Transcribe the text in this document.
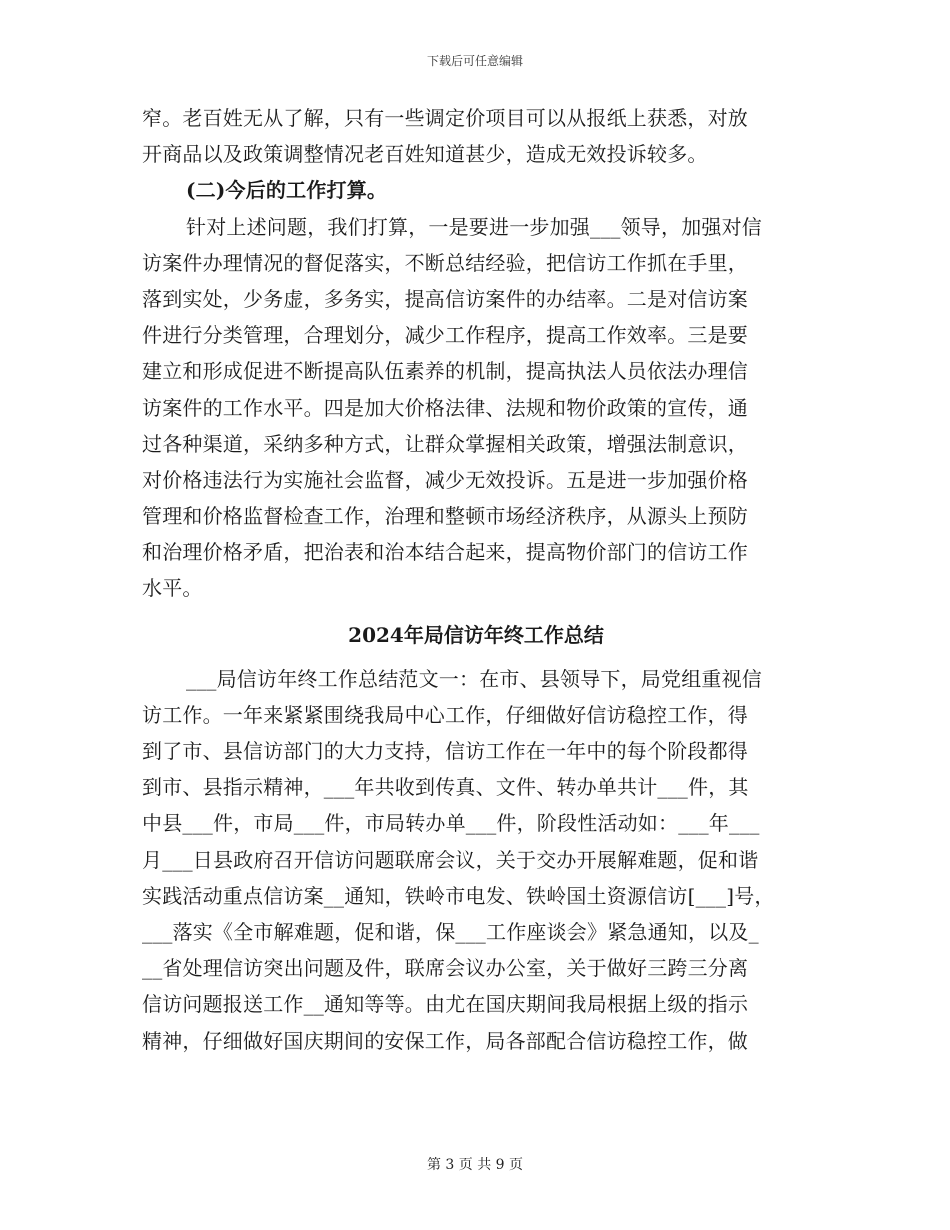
下载后可任意编辑
窄。老百姓无从了解，只有一些调定价项目可以从报纸上获悉，对放
开商品以及政策调整情况老百姓知道甚少，造成无效投诉较多。
(二)今后的工作打算。
针对上述问题，我们打算，一是要进一步加强___领导，加强对信
访案件办理情况的督促落实，不断总结经验，把信访工作抓在手里，
落到实处，少务虚，多务实，提高信访案件的办结率。二是对信访案
件进行分类管理，合理划分，减少工作程序，提高工作效率。三是要
建立和形成促进不断提高队伍素养的机制，提高执法人员依法办理信
访案件的工作水平。四是加大价格法律、法规和物价政策的宣传，通
过各种渠道，采纳多种方式，让群众掌握相关政策，增强法制意识，
对价格违法行为实施社会监督，减少无效投诉。五是进一步加强价格
管理和价格监督检查工作，治理和整顿市场经济秩序，从源头上预防
和治理价格矛盾，把治表和治本结合起来，提高物价部门的信访工作
水平。
2024年局信访年终工作总结
___局信访年终工作总结范文一：在市、县领导下，局党组重视信
访工作。一年来紧紧围绕我局中心工作，仔细做好信访稳控工作，得
到了市、县信访部门的大力支持，信访工作在一年中的每个阶段都得
到市、县指示精神，___年共收到传真、文件、转办单共计___件，其
中县___件，市局___件，市局转办单___件，阶段性活动如：___年___
月___日县政府召开信访问题联席会议，关于交办开展解难题，促和谐
实践活动重点信访案__通知，铁岭市电发、铁岭国土资源信访[___]号，
___落实《全市解难题，促和谐，保___工作座谈会》紧急通知，以及_
__省处理信访突出问题及件，联席会议办公室，关于做好三跨三分离
信访问题报送工作__通知等等。由尤在国庆期间我局根据上级的指示
精神，仔细做好国庆期间的安保工作，局各部配合信访稳控工作，做
第 3 页 共 9 页
